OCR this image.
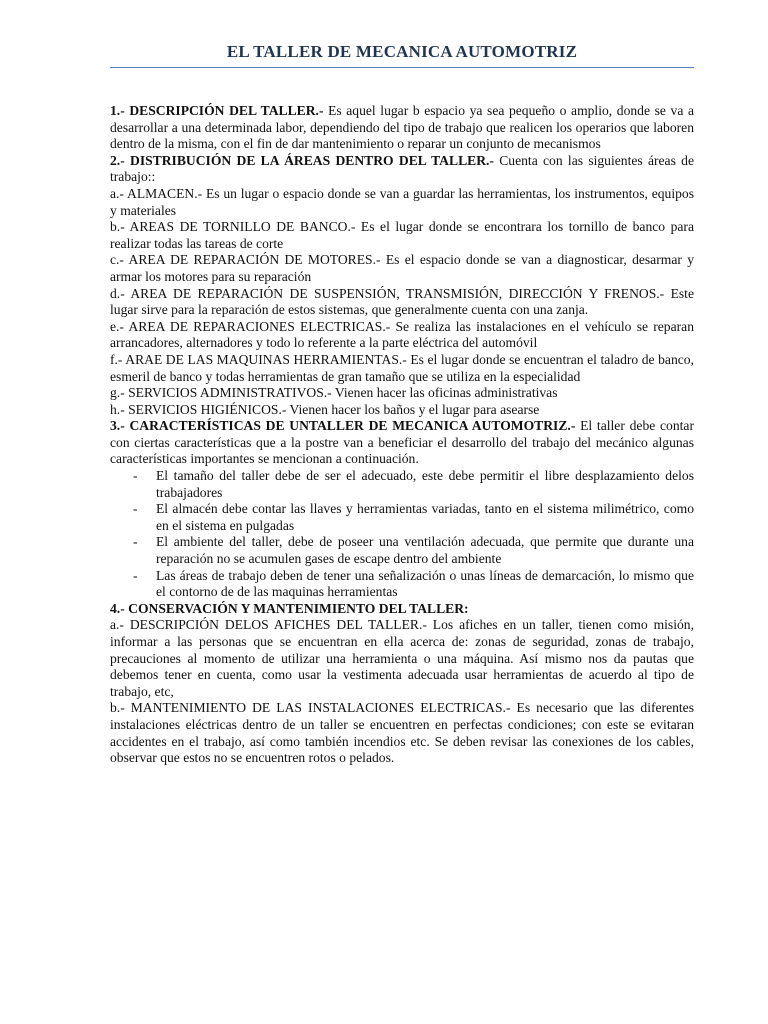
EL TALLER DE MECANICA AUTOMOTRIZ

1.- DESCRIPCIÓN DEL TALLER.- Es aquel lugar b espacio ya sea pequeño o amplio, donde se va a desarrollar a una determinada labor, dependiendo del tipo de trabajo que realicen los operarios que laboren dentro de la misma, con el fin de dar mantenimiento o reparar un conjunto de mecanismos

2.- DISTRIBUCIÓN DE LA ÁREAS DENTRO DEL TALLER.- Cuenta con las siguientes áreas de trabajo::

a.- ALMACEN.- Es un lugar o espacio donde se van a guardar las herramientas, los instrumentos, equipos y materiales

b.- AREAS DE TORNILLO DE BANCO.- Es el lugar donde se encontrara los tornillo de banco para realizar todas las tareas de corte

c.- AREA DE REPARACIÓN DE MOTORES.- Es el espacio donde se van a diagnosticar, desarmar y armar los motores para su reparación

d.- AREA DE REPARACIÓN DE SUSPENSIÓN, TRANSMISIÓN, DIRECCIÓN Y FRENOS.- Este lugar sirve para la reparación de estos sistemas, que generalmente cuenta con una zanja.

e.- AREA DE REPARACIONES ELECTRICAS.- Se realiza las instalaciones en el vehículo se reparan arrancadores, alternadores y todo lo referente a la parte eléctrica del automóvil

f.- ARAE DE LAS MAQUINAS HERRAMIENTAS.- Es el lugar donde se encuentran el taladro de banco, esmeril de banco y todas herramientas de gran tamaño que se utiliza en la especialidad

g.- SERVICIOS ADMINISTRATIVOS.- Vienen hacer las oficinas administrativas

h.- SERVICIOS HIGIÉNICOS.- Vienen hacer los baños y el lugar para asearse

3.- CARACTERÍSTICAS DE UNTALLER DE MECANICA AUTOMOTRIZ.- El taller debe contar con ciertas características que a la postre van a beneficiar el desarrollo del trabajo del mecánico algunas características importantes se mencionan a continuación.

- El tamaño del taller debe de ser el adecuado, este debe permitir el libre desplazamiento delos trabajadores
- El almacén debe contar las llaves y herramientas variadas, tanto en el sistema milimétrico, como en el sistema en pulgadas
- El ambiente del taller, debe de poseer una ventilación adecuada, que permite que durante una reparación no se acumulen gases de escape dentro del ambiente
- Las áreas de trabajo deben de tener una señalización o unas líneas de demarcación, lo mismo que el contorno de de las maquinas herramientas

4.- CONSERVACIÓN Y MANTENIMIENTO DEL TALLER:

a.- DESCRIPCIÓN DELOS AFICHES DEL TALLER.- Los afiches en un taller, tienen como misión, informar a las personas que se encuentran en ella acerca de: zonas de seguridad, zonas de trabajo, precauciones al momento de utilizar una herramienta o una máquina. Así mismo nos da pautas que debemos tener en cuenta, como usar la vestimenta adecuada usar herramientas de acuerdo al tipo de trabajo, etc,

b.- MANTENIMIENTO DE LAS INSTALACIONES ELECTRICAS.- Es necesario que las diferentes instalaciones eléctricas dentro de un taller se encuentren en perfectas condiciones; con este se evitaran accidentes en el trabajo, así como también incendios etc. Se deben revisar las conexiones de los cables, observar que estos no se encuentren rotos o pelados.
